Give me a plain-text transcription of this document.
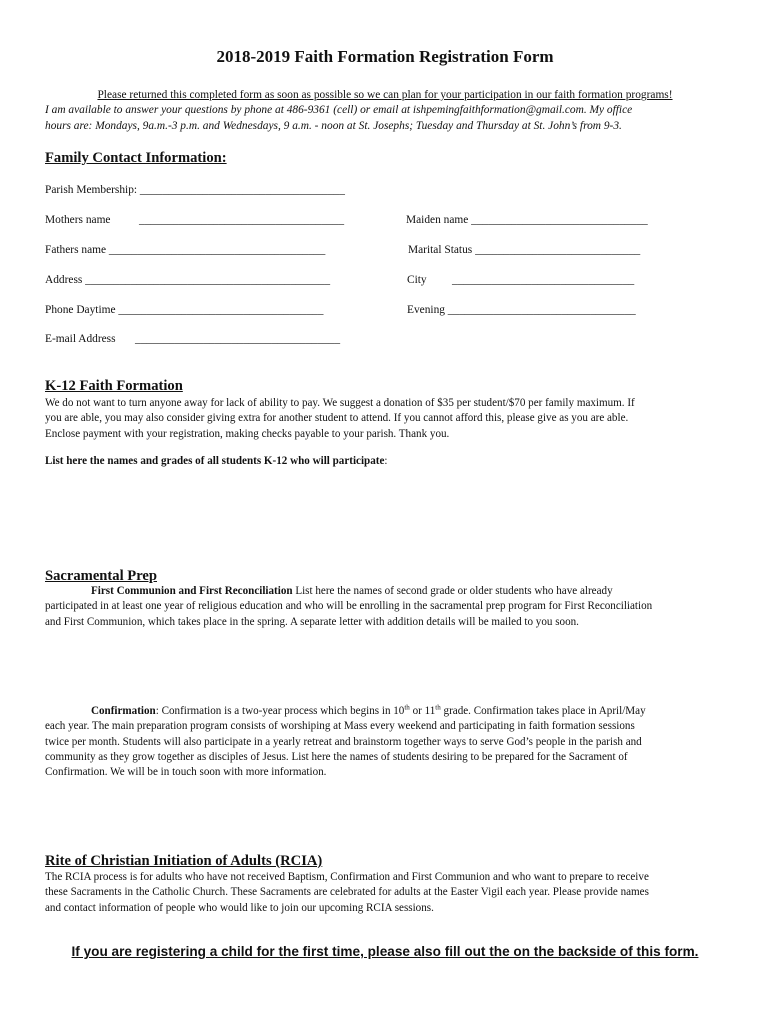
2018-2019 Faith Formation Registration Form
Please returned this completed form as soon as possible so we can plan for your participation in our faith formation programs!
I am available to answer your questions by phone at 486-9361 (cell) or email at ishpemingfaithformation@gmail.com. My office
hours are: Mondays, 9a.m.-3 p.m. and Wednesdays, 9 a.m. - noon at St. Josephs; Tuesday and Thursday at St. John’s from 9-3.
Family Contact Information:
Parish Membership: ____________________________________
Mothers name	____________________________________	Maiden name _______________________________
Fathers name ______________________________________	Marital Status _____________________________
Address ___________________________________________	City ________________________________
Phone Daytime ____________________________________	Evening _________________________________
E-mail Address ____________________________________
K-12 Faith Formation

We do not want to turn anyone away for lack of ability to pay. We suggest a donation of $35 per student/$70 per family maximum. If

you are able, you may also consider giving extra for another student to attend. If you cannot afford this, please give as you are able.

Enclose payment with your registration, making checks payable to your parish. Thank you.

List here the names and grades of all students K-12 who will participate:

Sacramental Prep

First Communion and First Reconciliation List here the names of second grade or older students who have already

participated in at least one year of religious education and who will be enrolling in the sacramental prep program for First Reconciliation

and First Communion, which takes place in the spring. A separate letter with addition details will be mailed to you soon.

Confirmation: Confirmation is a two-year process which begins in 10th or 11th grade. Confirmation takes place in April/May

each year. The main preparation program consists of worshiping at Mass every weekend and participating in faith formation sessions

twice per month. Students will also participate in a yearly retreat and brainstorm together ways to serve God’s people in the parish and

community as they grow together as disciples of Jesus. List here the names of students desiring to be prepared for the Sacrament of

Confirmation. We will be in touch soon with more information.

Rite of Christian Initiation of Adults (RCIA)

The RCIA process is for adults who have not received Baptism, Confirmation and First Communion and who want to prepare to receive

these Sacraments in the Catholic Church. These Sacraments are celebrated for adults at the Easter Vigil each year. Please provide names

and contact information of people who would like to join our upcoming RCIA sessions.

If you are registering a child for the first time, please also fill out the on the backside of this form.
